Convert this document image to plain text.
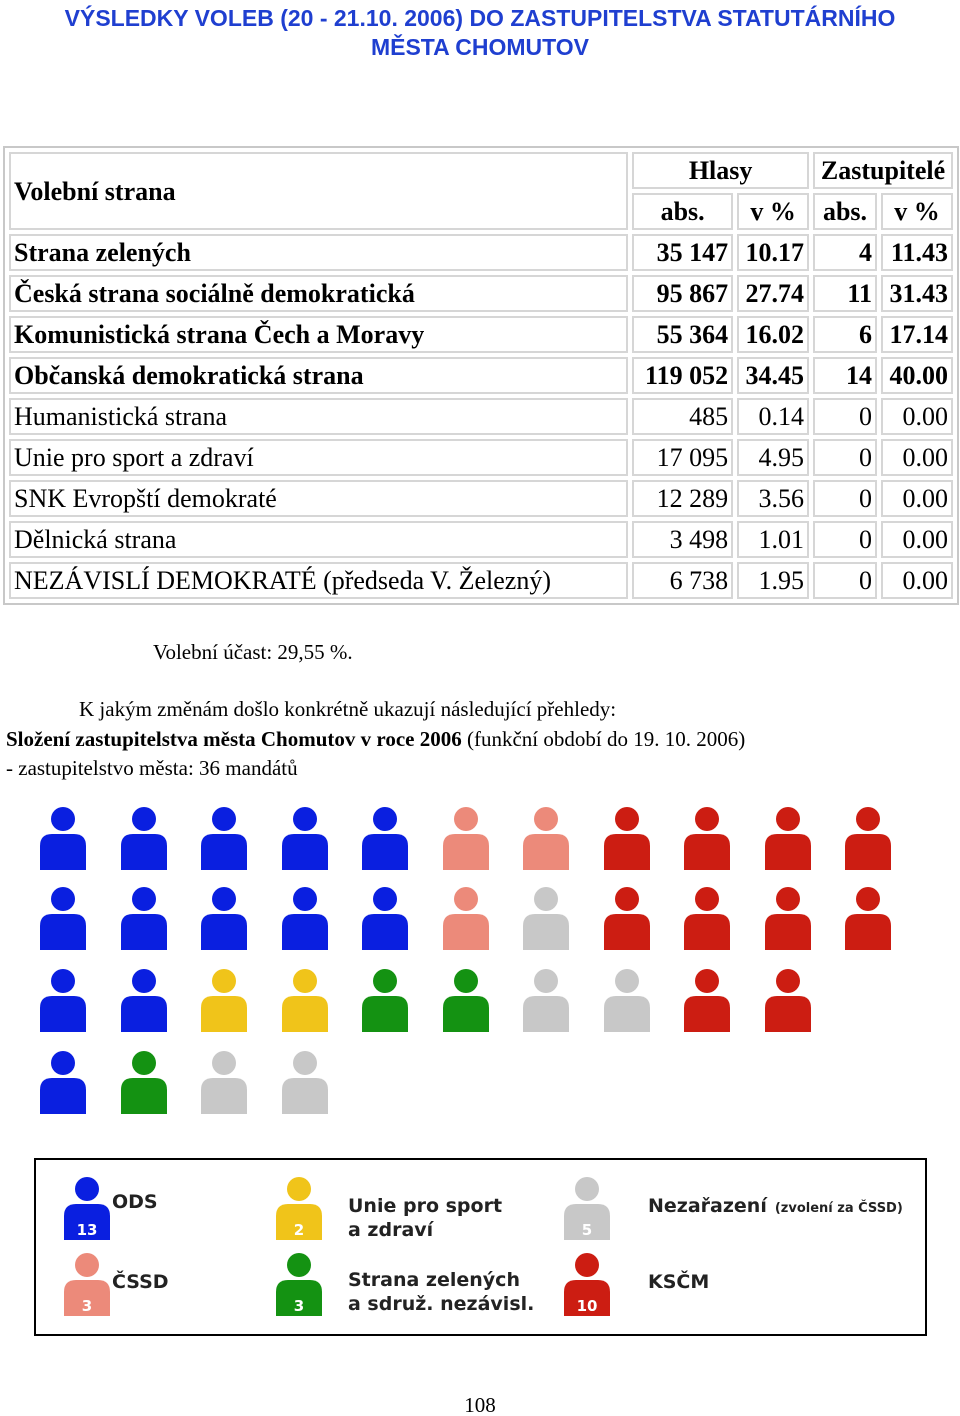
VÝSLEDKY VOLEB (20 - 21.10. 2006) DO ZASTUPITELSTVA STATUTÁRNÍHO
MĚSTA CHOMUTOV
Volební strana	Hlasy		Zastupitelé	
	abs.	v %	abs.	v %
Strana zelených	35 147	10.17	4	11.43
Česká strana sociálně demokratická	95 867	27.74	11	31.43
Komunistická strana Čech a Moravy	55 364	16.02	6	17.14
Občanská demokratická strana	119 052	34.45	14	40.00
Humanistická strana	485	0.14	0	0.00
Unie pro sport a zdraví	17 095	4.95	0	0.00
SNK Evropští demokraté	12 289	3.56	0	0.00
Dělnická strana	3 498	1.01	0	0.00
NEZÁVISLÍ DEMOKRATÉ (předseda V. Železný)	6 738	1.95	0	0.00
Volební účast: 29,55 %.
K jakým změnám došlo konkrétně ukazují následující přehledy:
Složení zastupitelstva města Chomutov v roce 2006 (funkční období do 19. 10. 2006)
- zastupitelstvo města: 36 mandátů
13
ODS
3
ČSSD
2
Unie pro sport
a zdraví
3
Strana zelených
a sdruž. nezávisl.
5
Nezařazení (zvolení za ČSSD)
10
KSČM
108
